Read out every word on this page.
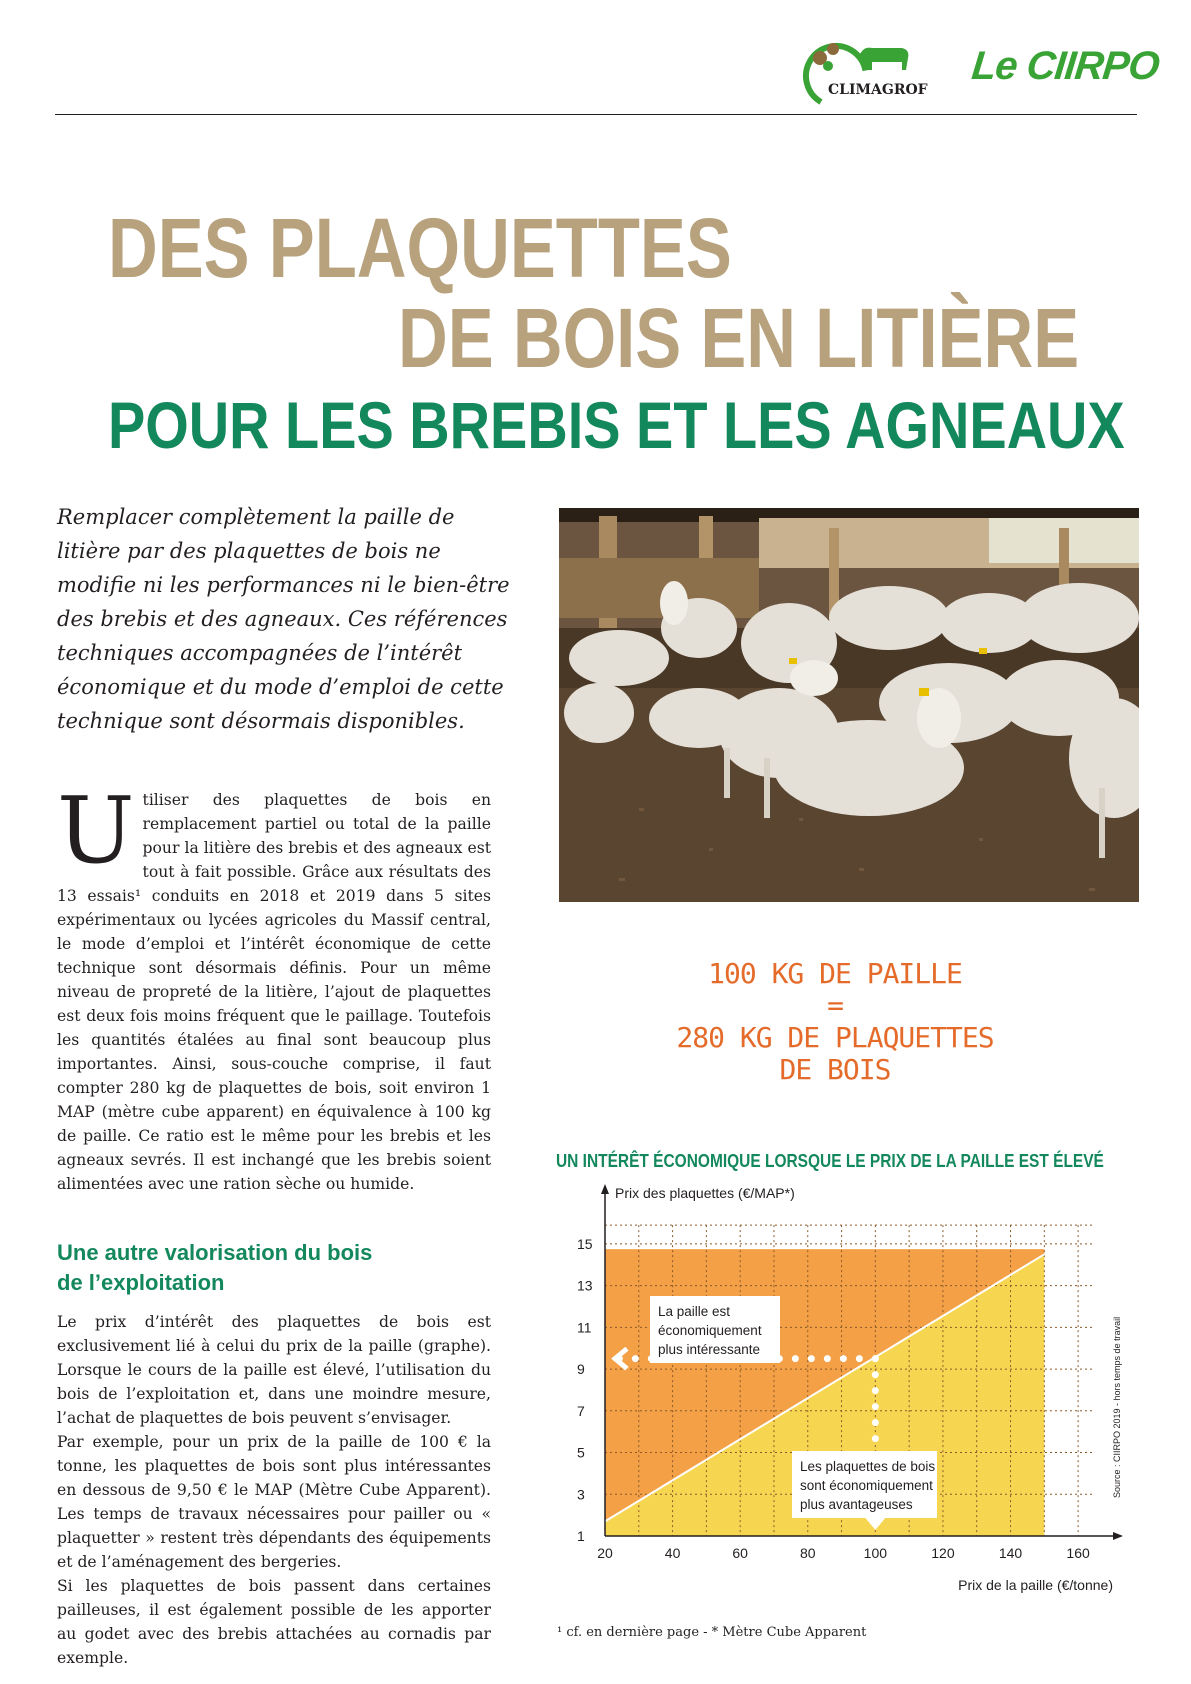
CLIMAGROF
Le CIIRPO
DES PLAQUETTES
DE BOIS EN LITIÈRE
POUR LES BREBIS ET LES AGNEAUX

Remplacer complètement la paille de litière par des plaquettes de bois ne modifie ni les performances ni le bien-être des brebis et des agneaux. Ces références techniques accompagnées de l’intérêt économique et du mode d’emploi de cette technique sont désormais disponibles.

U tiliser des plaquettes de bois en remplacement partiel ou total de la paille pour la litière des brebis et des agneaux est tout à fait possible. Grâce aux résultats des 13 essais¹ conduits en 2018 et 2019 dans 5 sites expérimentaux ou lycées agricoles du Massif central, le mode d’emploi et l’intérêt économique de cette technique sont désormais définis. Pour un même niveau de propreté de la litière, l’ajout de plaquettes est deux fois moins fréquent que le paillage. Toutefois les quantités étalées au final sont beaucoup plus importantes. Ainsi, sous-couche comprise, il faut compter 280 kg de plaquettes de bois, soit environ 1 MAP (mètre cube apparent) en équivalence à 100 kg de paille. Ce ratio est le même pour les brebis et les agneaux sevrés. Il est inchangé que les brebis soient alimentées avec une ration sèche ou humide.

Une autre valorisation du bois
de l’exploitation

Le prix d’intérêt des plaquettes de bois est exclusivement lié à celui du prix de la paille (graphe). Lorsque le cours de la paille est élevé, l’utilisation du bois de l’exploitation et, dans une moindre mesure, l’achat de plaquettes de bois peuvent s’envisager.

Par exemple, pour un prix de la paille de 100 € la tonne, les plaquettes de bois sont plus intéressantes en dessous de 9,50 € le MAP (Mètre Cube Apparent). Les temps de travaux nécessaires pour pailler ou « plaquetter » restent très dépendants des équipements et de l’aménagement des bergeries.

Si les plaquettes de bois passent dans certaines pailleuses, il est également possible de les apporter au godet avec des brebis attachées au cornadis par exemple.

100 KG DE PAILLE
=
280 KG DE PLAQUETTES
DE BOIS
UN INTÉRÊT ÉCONOMIQUE LORSQUE LE PRIX DE LA PAILLE EST ÉLEVÉ
1
3
5
7
9
11
13
15
20	40	60	80	100	120	140	160
Prix des plaquettes (€/MAP*)
Prix de la paille (€/tonne)
La paille est
économiquement
plus intéressante
Les plaquettes de bois
sont économiquement
plus avantageuses
Source : CIIRPO 2019 - hors temps de travail
¹ cf. en dernière page - * Mètre Cube Apparent
